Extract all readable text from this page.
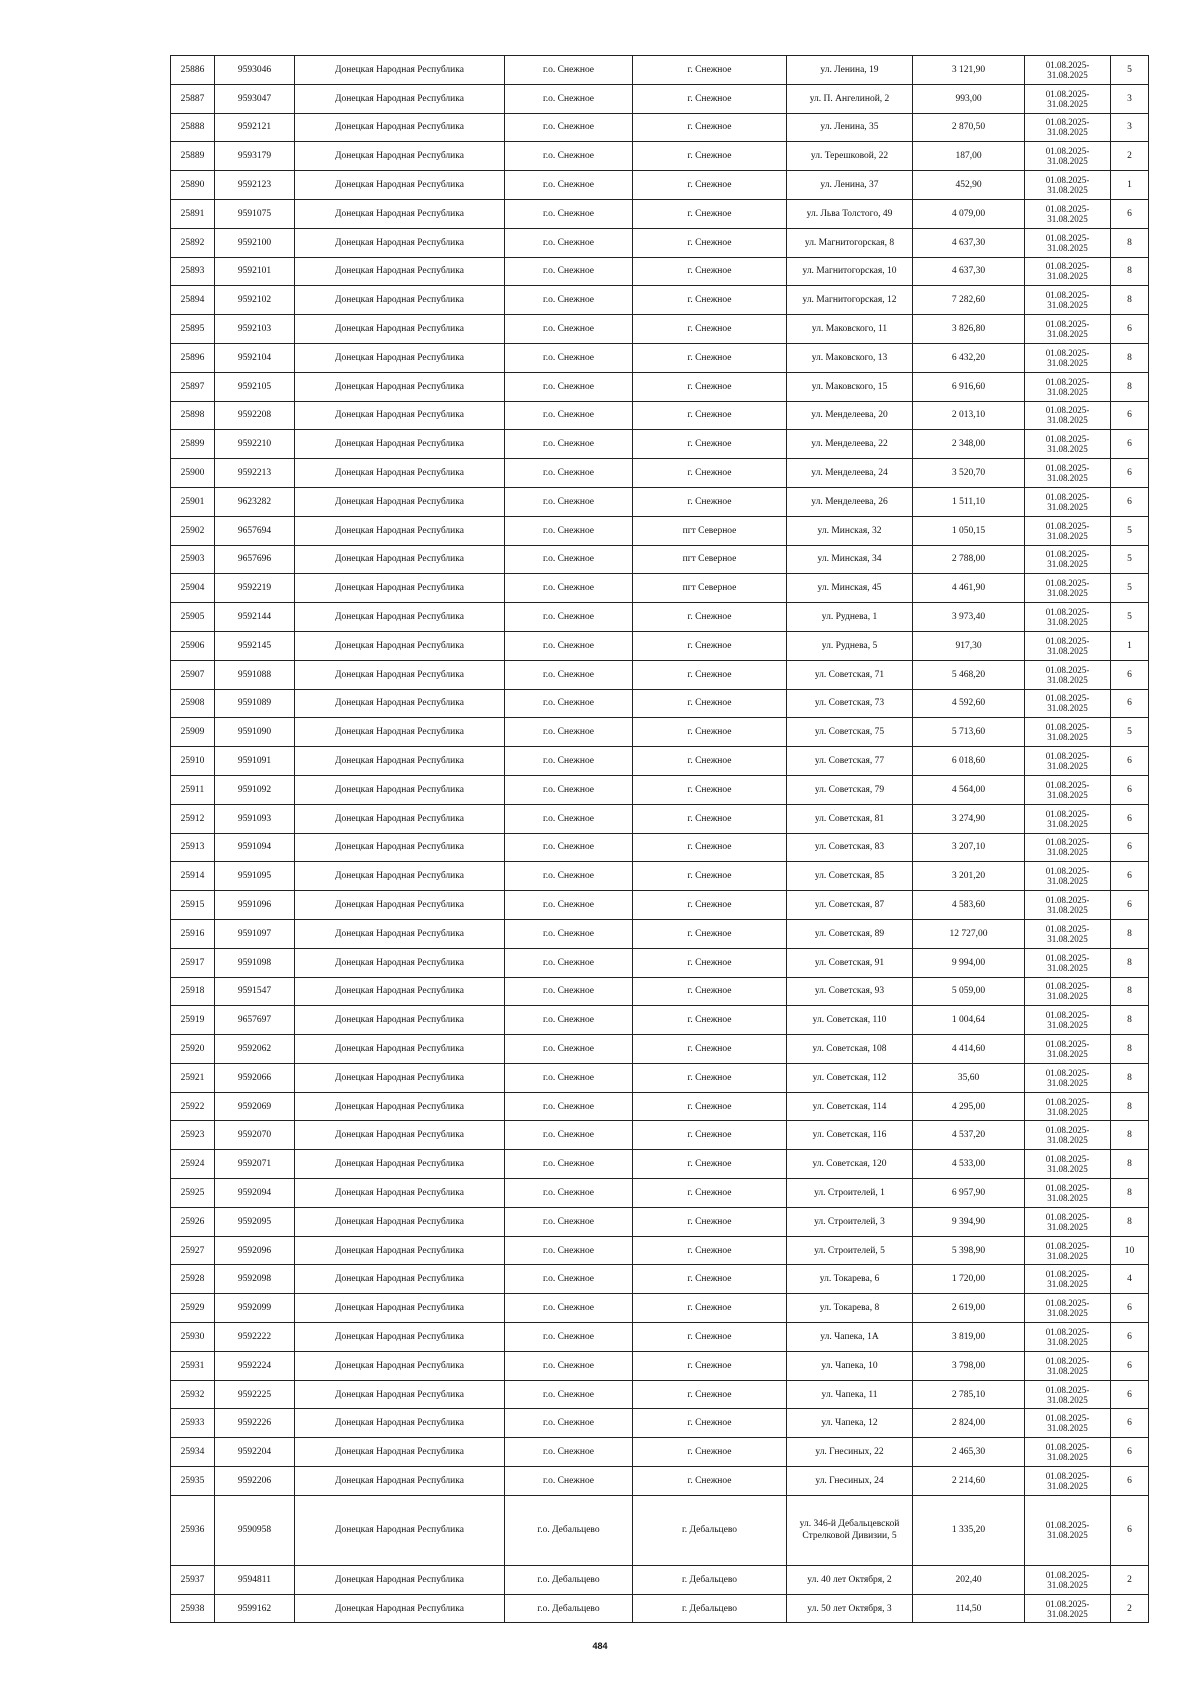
25886	9593046	Донецкая Народная Республика	г.о. Снежное	г. Снежное	ул. Ленина, 19	3 121,90	01.08.2025- 31.08.2025	5
25887	9593047	Донецкая Народная Республика	г.о. Снежное	г. Снежное	ул. П. Ангелиной, 2	993,00	01.08.2025- 31.08.2025	3
25888	9592121	Донецкая Народная Республика	г.о. Снежное	г. Снежное	ул. Ленина, 35	2 870,50	01.08.2025- 31.08.2025	3
25889	9593179	Донецкая Народная Республика	г.о. Снежное	г. Снежное	ул. Терешковой, 22	187,00	01.08.2025- 31.08.2025	2
25890	9592123	Донецкая Народная Республика	г.о. Снежное	г. Снежное	ул. Ленина, 37	452,90	01.08.2025- 31.08.2025	1
25891	9591075	Донецкая Народная Республика	г.о. Снежное	г. Снежное	ул. Льва Толстого, 49	4 079,00	01.08.2025- 31.08.2025	6
25892	9592100	Донецкая Народная Республика	г.о. Снежное	г. Снежное	ул. Магнитогорская, 8	4 637,30	01.08.2025- 31.08.2025	8
25893	9592101	Донецкая Народная Республика	г.о. Снежное	г. Снежное	ул. Магнитогорская, 10	4 637,30	01.08.2025- 31.08.2025	8
25894	9592102	Донецкая Народная Республика	г.о. Снежное	г. Снежное	ул. Магнитогорская, 12	7 282,60	01.08.2025- 31.08.2025	8
25895	9592103	Донецкая Народная Республика	г.о. Снежное	г. Снежное	ул. Маковского, 11	3 826,80	01.08.2025- 31.08.2025	6
25896	9592104	Донецкая Народная Республика	г.о. Снежное	г. Снежное	ул. Маковского, 13	6 432,20	01.08.2025- 31.08.2025	8
25897	9592105	Донецкая Народная Республика	г.о. Снежное	г. Снежное	ул. Маковского, 15	6 916,60	01.08.2025- 31.08.2025	8
25898	9592208	Донецкая Народная Республика	г.о. Снежное	г. Снежное	ул. Менделеева, 20	2 013,10	01.08.2025- 31.08.2025	6
25899	9592210	Донецкая Народная Республика	г.о. Снежное	г. Снежное	ул. Менделеева, 22	2 348,00	01.08.2025- 31.08.2025	6
25900	9592213	Донецкая Народная Республика	г.о. Снежное	г. Снежное	ул. Менделеева, 24	3 520,70	01.08.2025- 31.08.2025	6
25901	9623282	Донецкая Народная Республика	г.о. Снежное	г. Снежное	ул. Менделеева, 26	1 511,10	01.08.2025- 31.08.2025	6
25902	9657694	Донецкая Народная Республика	г.о. Снежное	пгт Северное	ул. Минская, 32	1 050,15	01.08.2025- 31.08.2025	5
25903	9657696	Донецкая Народная Республика	г.о. Снежное	пгт Северное	ул. Минская, 34	2 788,00	01.08.2025- 31.08.2025	5
25904	9592219	Донецкая Народная Республика	г.о. Снежное	пгт Северное	ул. Минская, 45	4 461,90	01.08.2025- 31.08.2025	5
25905	9592144	Донецкая Народная Республика	г.о. Снежное	г. Снежное	ул. Руднева, 1	3 973,40	01.08.2025- 31.08.2025	5
25906	9592145	Донецкая Народная Республика	г.о. Снежное	г. Снежное	ул. Руднева, 5	917,30	01.08.2025- 31.08.2025	1
25907	9591088	Донецкая Народная Республика	г.о. Снежное	г. Снежное	ул. Советская, 71	5 468,20	01.08.2025- 31.08.2025	6
25908	9591089	Донецкая Народная Республика	г.о. Снежное	г. Снежное	ул. Советская, 73	4 592,60	01.08.2025- 31.08.2025	6
25909	9591090	Донецкая Народная Республика	г.о. Снежное	г. Снежное	ул. Советская, 75	5 713,60	01.08.2025- 31.08.2025	5
25910	9591091	Донецкая Народная Республика	г.о. Снежное	г. Снежное	ул. Советская, 77	6 018,60	01.08.2025- 31.08.2025	6
25911	9591092	Донецкая Народная Республика	г.о. Снежное	г. Снежное	ул. Советская, 79	4 564,00	01.08.2025- 31.08.2025	6
25912	9591093	Донецкая Народная Республика	г.о. Снежное	г. Снежное	ул. Советская, 81	3 274,90	01.08.2025- 31.08.2025	6
25913	9591094	Донецкая Народная Республика	г.о. Снежное	г. Снежное	ул. Советская, 83	3 207,10	01.08.2025- 31.08.2025	6
25914	9591095	Донецкая Народная Республика	г.о. Снежное	г. Снежное	ул. Советская, 85	3 201,20	01.08.2025- 31.08.2025	6
25915	9591096	Донецкая Народная Республика	г.о. Снежное	г. Снежное	ул. Советская, 87	4 583,60	01.08.2025- 31.08.2025	6
25916	9591097	Донецкая Народная Республика	г.о. Снежное	г. Снежное	ул. Советская, 89	12 727,00	01.08.2025- 31.08.2025	8
25917	9591098	Донецкая Народная Республика	г.о. Снежное	г. Снежное	ул. Советская, 91	9 994,00	01.08.2025- 31.08.2025	8
25918	9591547	Донецкая Народная Республика	г.о. Снежное	г. Снежное	ул. Советская, 93	5 059,00	01.08.2025- 31.08.2025	8
25919	9657697	Донецкая Народная Республика	г.о. Снежное	г. Снежное	ул. Советская, 110	1 004,64	01.08.2025- 31.08.2025	8
25920	9592062	Донецкая Народная Республика	г.о. Снежное	г. Снежное	ул. Советская, 108	4 414,60	01.08.2025- 31.08.2025	8
25921	9592066	Донецкая Народная Республика	г.о. Снежное	г. Снежное	ул. Советская, 112	35,60	01.08.2025- 31.08.2025	8
25922	9592069	Донецкая Народная Республика	г.о. Снежное	г. Снежное	ул. Советская, 114	4 295,00	01.08.2025- 31.08.2025	8
25923	9592070	Донецкая Народная Республика	г.о. Снежное	г. Снежное	ул. Советская, 116	4 537,20	01.08.2025- 31.08.2025	8
25924	9592071	Донецкая Народная Республика	г.о. Снежное	г. Снежное	ул. Советская, 120	4 533,00	01.08.2025- 31.08.2025	8
25925	9592094	Донецкая Народная Республика	г.о. Снежное	г. Снежное	ул. Строителей, 1	6 957,90	01.08.2025- 31.08.2025	8
25926	9592095	Донецкая Народная Республика	г.о. Снежное	г. Снежное	ул. Строителей, 3	9 394,90	01.08.2025- 31.08.2025	8
25927	9592096	Донецкая Народная Республика	г.о. Снежное	г. Снежное	ул. Строителей, 5	5 398,90	01.08.2025- 31.08.2025	10
25928	9592098	Донецкая Народная Республика	г.о. Снежное	г. Снежное	ул. Токарева, 6	1 720,00	01.08.2025- 31.08.2025	4
25929	9592099	Донецкая Народная Республика	г.о. Снежное	г. Снежное	ул. Токарева, 8	2 619,00	01.08.2025- 31.08.2025	6
25930	9592222	Донецкая Народная Республика	г.о. Снежное	г. Снежное	ул. Чапека, 1А	3 819,00	01.08.2025- 31.08.2025	6
25931	9592224	Донецкая Народная Республика	г.о. Снежное	г. Снежное	ул. Чапека, 10	3 798,00	01.08.2025- 31.08.2025	6
25932	9592225	Донецкая Народная Республика	г.о. Снежное	г. Снежное	ул. Чапека, 11	2 785,10	01.08.2025- 31.08.2025	6
25933	9592226	Донецкая Народная Республика	г.о. Снежное	г. Снежное	ул. Чапека, 12	2 824,00	01.08.2025- 31.08.2025	6
25934	9592204	Донецкая Народная Республика	г.о. Снежное	г. Снежное	ул. Гнесиных, 22	2 465,30	01.08.2025- 31.08.2025	6
25935	9592206	Донецкая Народная Республика	г.о. Снежное	г. Снежное	ул. Гнесиных, 24	2 214,60	01.08.2025- 31.08.2025	6
25936	9590958	Донецкая Народная Республика	г.о. Дебальцево	г. Дебальцево	ул. 346-й Дебальцевской Стрелковой Дивизии, 5	1 335,20	01.08.2025- 31.08.2025	6
25937	9594811	Донецкая Народная Республика	г.о. Дебальцево	г. Дебальцево	ул. 40 лет Октября, 2	202,40	01.08.2025- 31.08.2025	2
25938	9599162	Донецкая Народная Республика	г.о. Дебальцево	г. Дебальцево	ул. 50 лет Октября, 3	114,50	01.08.2025- 31.08.2025	2
484
